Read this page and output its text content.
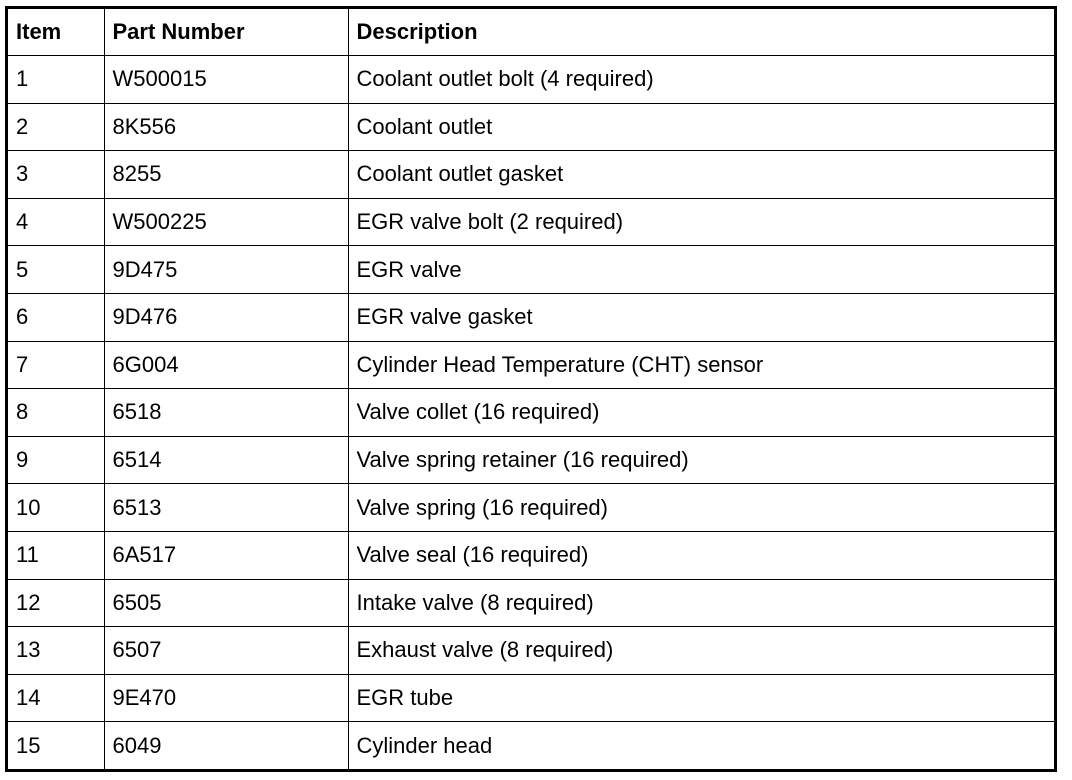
Item	Part Number	Description
1	W500015	Coolant outlet bolt (4 required)
2	8K556	Coolant outlet
3	8255	Coolant outlet gasket
4	W500225	EGR valve bolt (2 required)
5	9D475	EGR valve
6	9D476	EGR valve gasket
7	6G004	Cylinder Head Temperature (CHT) sensor
8	6518	Valve collet (16 required)
9	6514	Valve spring retainer (16 required)
10	6513	Valve spring (16 required)
11	6A517	Valve seal (16 required)
12	6505	Intake valve (8 required)
13	6507	Exhaust valve (8 required)
14	9E470	EGR tube
15	6049	Cylinder head
